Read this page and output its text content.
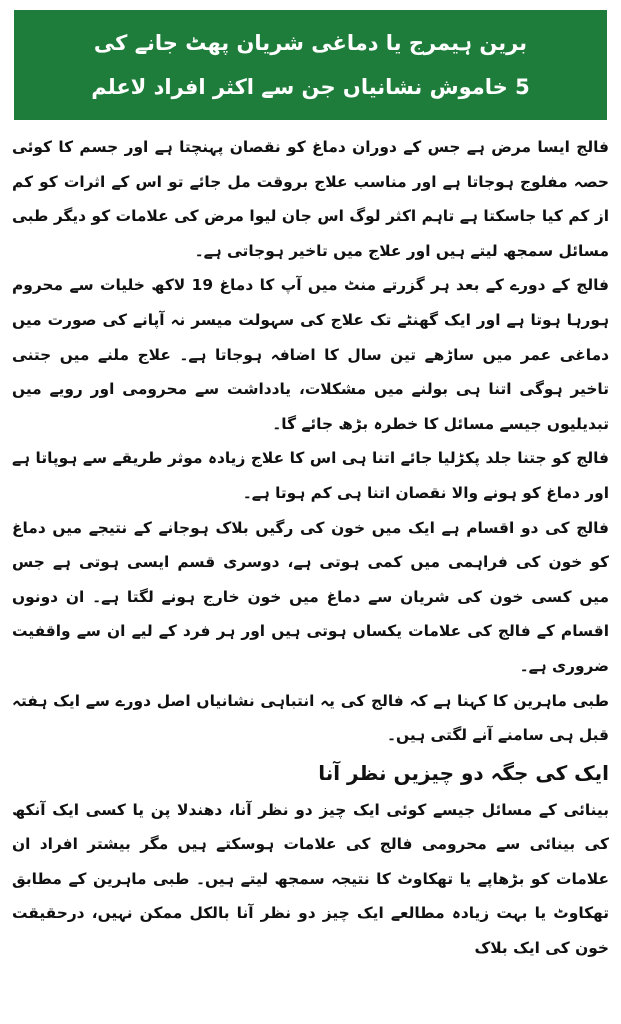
برین ہیمرج یا دماغی شریان پھٹ جانے کی
5 خاموش نشانیاں جن سے اکثر افراد لاعلم

فالج ایسا مرض ہے جس کے دوران دماغ کو نقصان پہنچتا ہے اور جسم کا کوئی حصہ مفلوج ہوجاتا ہے اور مناسب علاج بروقت مل جائے تو اس کے اثرات کو کم از کم کیا جاسکتا ہے تاہم اکثر لوگ اس جان لیوا مرض کی علامات کو دیگر طبی مسائل سمجھ لیتے ہیں اور علاج میں تاخیر ہوجاتی ہے۔

فالج کے دورے کے بعد ہر گزرتے منٹ میں آپ کا دماغ 19 لاکھ خلیات سے محروم ہورہا ہوتا ہے اور ایک گھنٹے تک علاج کی سہولت میسر نہ آپانے کی صورت میں دماغی عمر میں ساڑھے تین سال کا اضافہ ہوجاتا ہے۔ علاج ملنے میں جتنی تاخیر ہوگی اتنا ہی بولنے میں مشکلات، یادداشت سے محرومی اور رویے میں تبدیلیوں جیسے مسائل کا خطرہ بڑھ جائے گا۔

فالج کو جتنا جلد پکڑلیا جائے اتنا ہی اس کا علاج زیادہ موثر طریقے سے ہوپاتا ہے اور دماغ کو ہونے والا نقصان اتنا ہی کم ہوتا ہے۔

فالج کی دو اقسام ہے ایک میں خون کی رگیں بلاک ہوجانے کے نتیجے میں دماغ کو خون کی فراہمی میں کمی ہوتی ہے، دوسری قسم ایسی ہوتی ہے جس میں کسی خون کی شریان سے دماغ میں خون خارج ہونے لگتا ہے۔ ان دونوں اقسام کے فالج کی علامات یکساں ہوتی ہیں اور ہر فرد کے لیے ان سے واقفیت ضروری ہے۔

طبی ماہرین کا کہنا ہے کہ فالج کی یہ انتباہی نشانیاں اصل دورے سے ایک ہفتہ قبل ہی سامنے آنے لگتی ہیں۔

ایک کی جگہ دو چیزیں نظر آنا

بینائی کے مسائل جیسے کوئی ایک چیز دو نظر آنا، دھندلا پن یا کسی ایک آنکھ کی بینائی سے محرومی فالج کی علامات ہوسکتے ہیں مگر بیشتر افراد ان علامات کو بڑھاپے یا تھکاوٹ کا نتیجہ سمجھ لیتے ہیں۔ طبی ماہرین کے مطابق تھکاوٹ یا بہت زیادہ مطالعے ایک چیز دو نظر آنا بالکل ممکن نہیں، درحقیقت خون کی ایک بلاک
